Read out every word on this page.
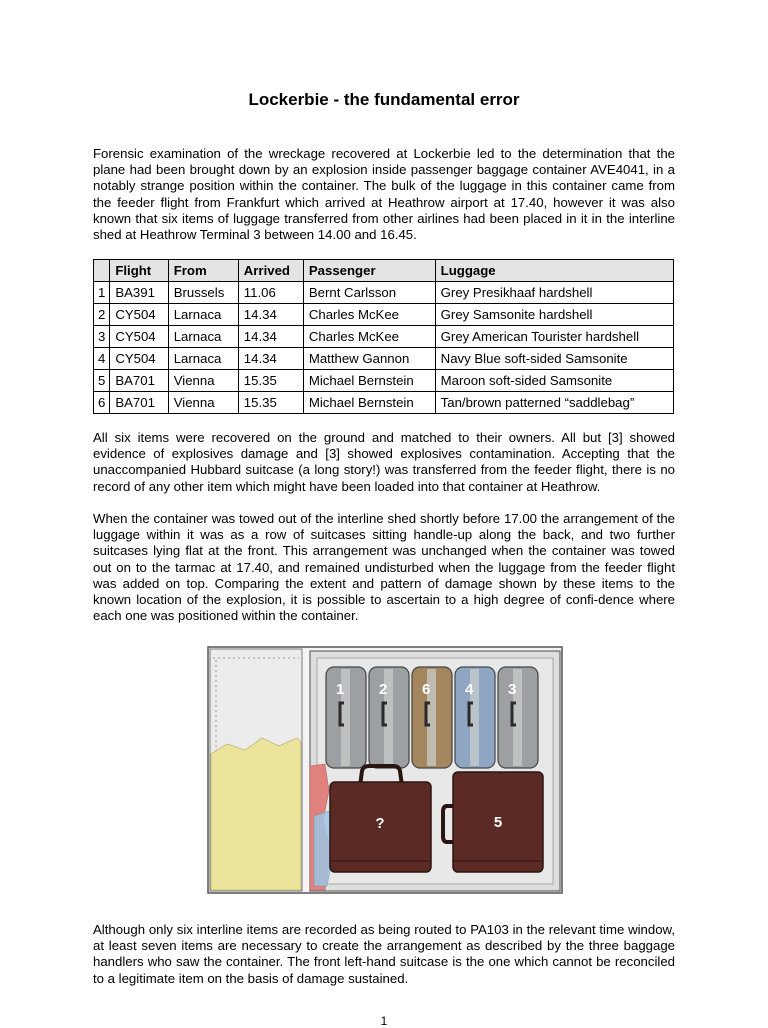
Lockerbie - the fundamental error

Forensic examination of the wreckage recovered at Lockerbie led to the determination that the plane had been brought down by an explosion inside passenger baggage container AVE4041, in a notably strange position within the container. The bulk of the luggage in this container came from the feeder flight from Frankfurt which arrived at Heathrow airport at 17.40, however it was also known that six items of luggage transferred from other airlines had been placed in it in the interline shed at Heathrow Terminal 3 between 14.00 and 16.45.

	Flight	From	Arrived	Passenger	Luggage
1	BA391	Brussels	11.06	Bernt Carlsson	Grey Presikhaaf hardshell
2	CY504	Larnaca	14.34	Charles McKee	Grey Samsonite hardshell
3	CY504	Larnaca	14.34	Charles McKee	Grey American Tourister hardshell
4	CY504	Larnaca	14.34	Matthew Gannon	Navy Blue soft-sided Samsonite
5	BA701	Vienna	15.35	Michael Bernstein	Maroon soft-sided Samsonite
6	BA701	Vienna	15.35	Michael Bernstein	Tan/brown patterned “saddlebag”

All six items were recovered on the ground and matched to their owners. All but [3] showed evidence of explosives damage and [3] showed explosives contamination. Accepting that the unaccompanied Hubbard suitcase (a long story!) was transferred from the feeder flight, there is no record of any other item which might have been loaded into that container at Heathrow.

When the container was towed out of the interline shed shortly before 17.00 the arrangement of the luggage within it was as a row of suitcases sitting handle-up along the back, and two further suitcases lying flat at the front. This arrangement was unchanged when the container was towed out on to the tarmac at 17.40, and remained undisturbed when the luggage from the feeder flight was added on top. Comparing the extent and pattern of damage shown by these items to the known location of the explosion, it is possible to ascertain to a high degree of confi-dence where each one was positioned within the container.

1 2 6 4 3
?	5

Although only six interline items are recorded as being routed to PA103 in the relevant time window, at least seven items are necessary to create the arrangement as described by the three baggage handlers who saw the container. The front left-hand suitcase is the one which cannot be reconciled to a legitimate item on the basis of damage sustained.

1
